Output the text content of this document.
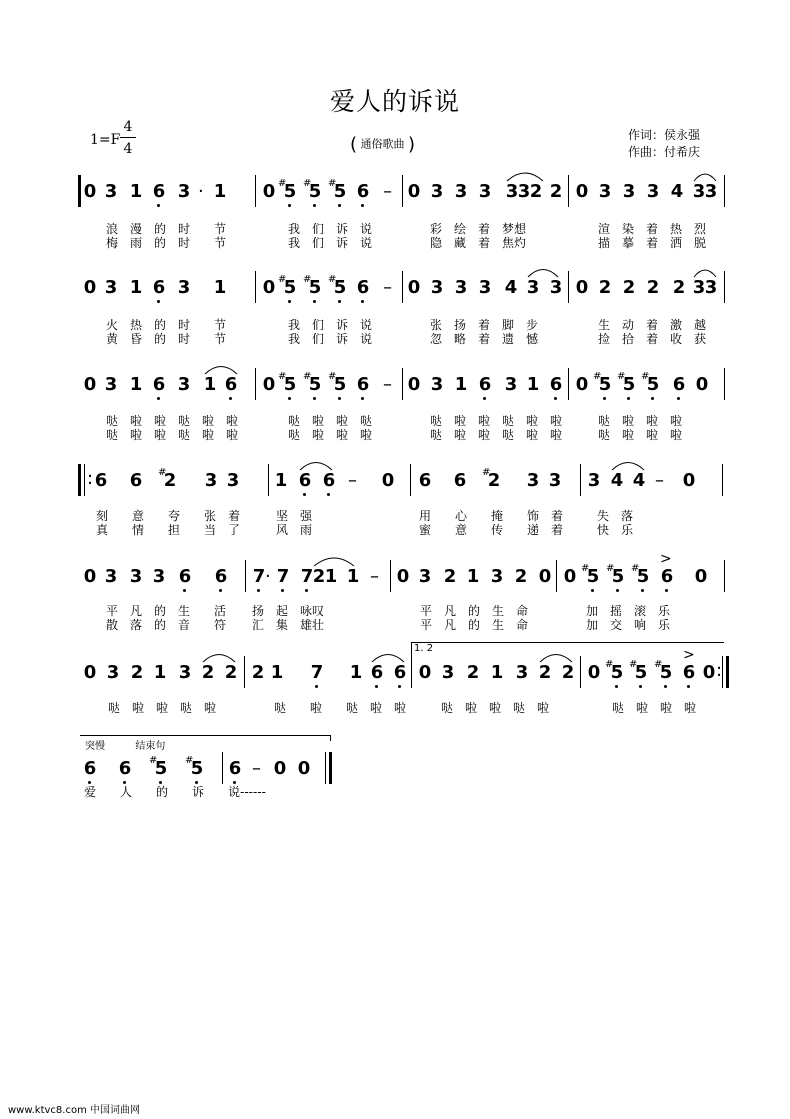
爱人的诉说
1=F
4
4	( 通俗歌曲 )	作词：侯永强
作曲：付希庆
0 3 1 6 3 · 1 0 #
5 #
5 #
5 6 – 0 3 3 3 3 3 2 2 0 3 3 3 4 3 3
浪　漫　的　时　　节	我　们　诉　说	彩　绘　着　梦想	渲　染　着　热　烈
梅　雨　的　时　　节	我　们　诉　说	隐　藏　着　焦灼	描　摹　着　洒　脱
0 3 1 6 3 1 0 #
5 #
5 #
5 6 – 0 3 3 3 4 3 3 0 2 2 2 2 3 3
火　热　的　时　　节	我　们　诉　说	张　扬　着　脚　步	生　动　着　激　越
黄　昏　的　时　　节	我　们　诉　说	忽　略　着　遗　憾	捡　拾　着　收　获
0 3 1 6 3 1 6 0 #
5 #
5 #
5 6 – 0 3 1 6 3 1 6 0 #
5 #
5 #
5 6 0
哒　啦　啦　哒　啦　啦	哒　啦　啦　哒	哒　啦　啦　哒　啦　啦	哒　啦　啦　啦
哒　啦　啦　哒　啦　啦	哒　啦　啦　啦	哒　啦　啦　哒　啦　啦	哒　啦　啦　啦
: 6 6 #
2 3 3 1 6 6 – 0 6 6 #
2 3 3 3 4 4 – 0
刻　　意　　夸　　张　着	坚　强	用　　心　　掩　　饰　着	失　落
真　　情　　担　　当　了	风　雨	蜜　　意　　传　　递　着	快　乐
0 3 3 3 6 6 7 · 7 7 2 1 1 – 0 3 2 1 3 2 0 0 #
5 #
5 #
5 6
>
0
平　凡　的　生　　活 扬　起　咏叹	平　凡　的　生　命	加　摇　滚　乐
散　落　的　音　　符 汇　集　雄壮	平　凡　的　生　命	加　交　响　乐
1. 2
0 3 2 1 3 2 2 2 1 7 1 6 6 0 3 2 1 3 2 2 0 #
5 #
5 #
5 6
>
0 :
哒　啦　啦　哒　啦	哒　　啦　　哒　啦　啦	哒　啦　啦　哒　啦	哒　啦　啦　啦
突慢	结束句
6 6 #
5 #
5 6 – 0 0
爱　　人　　的　　诉　　说------
www.ktvc8.com 中国词曲网
